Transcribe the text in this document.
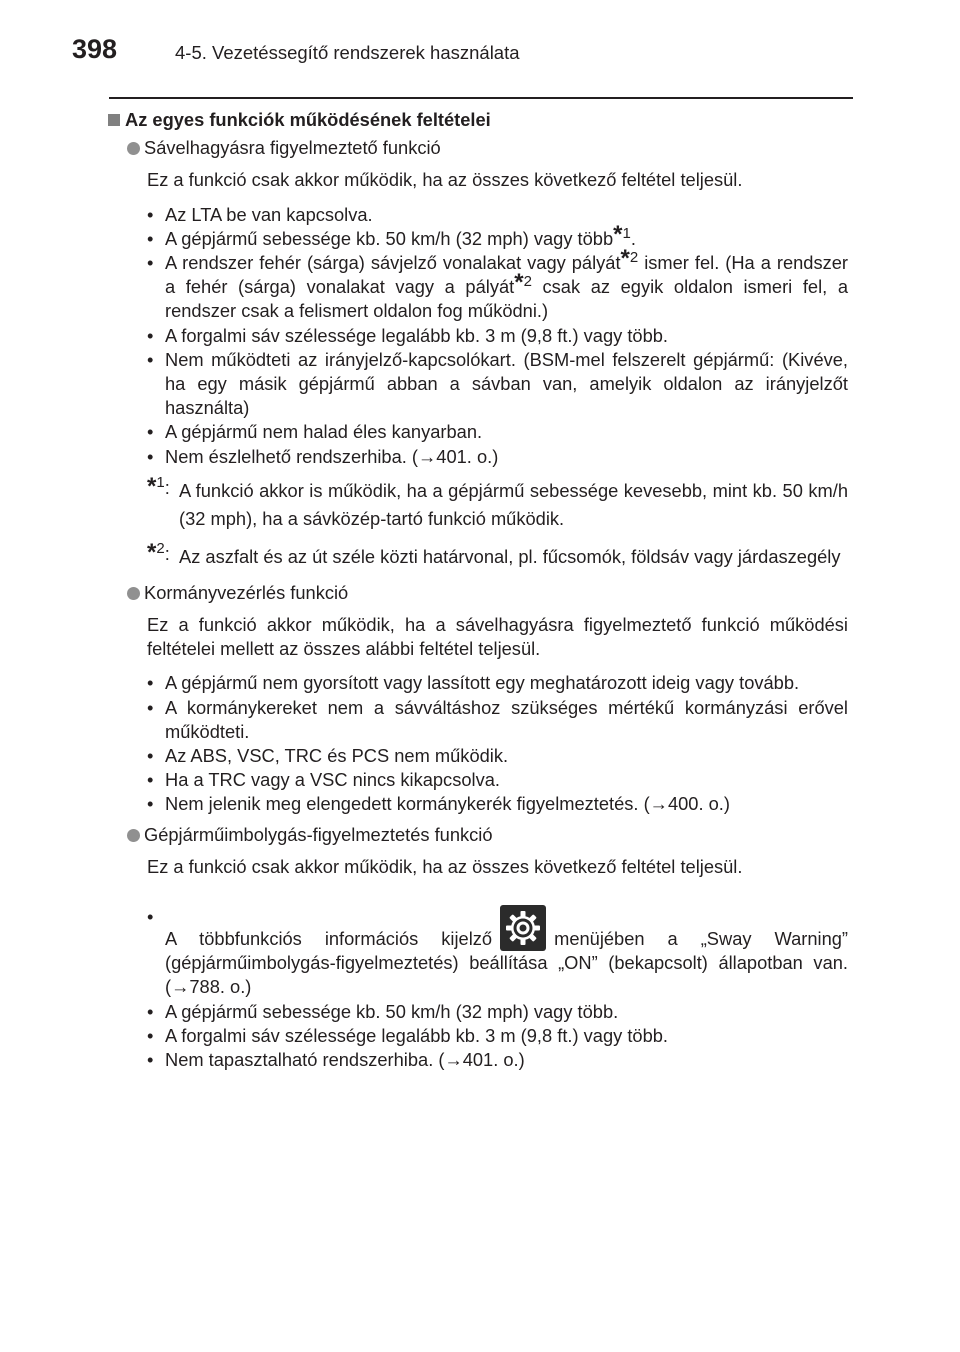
398	4-5. Vezetéssegítő rendszerek használata
Az egyes funkciók működésének feltételei
Sávelhagyásra figyelmeztető funkció
Ez a funkció csak akkor működik, ha az összes következő feltétel teljesül.
• Az LTA be van kapcsolva.
• A gépjármű sebessége kb. 50 km/h (32 mph) vagy több$^{*1}$.
• A rendszer fehér (sárga) sávjelző vonalakat vagy pályát$^{*2}$ ismer fel. (Ha a rendszer a fehér (sárga) vonalakat vagy a pályát$^{*2}$ csak az egyik oldalon ismeri fel, a rendszer csak a felismert oldalon fog működni.)
• A forgalmi sáv szélessége legalább kb. 3 m (9,8 ft.) vagy több.
• Nem működteti az irányjelző-kapcsolókart. (BSM-mel felszerelt gépjármű: (Kivéve, ha egy másik gépjármű abban a sávban van, amelyik oldalon az irányjelzőt használta)
• A gépjármű nem halad éles kanyarban.
• Nem észlelhető rendszerhiba. (→401. o.)
*$^1$: A funkció akkor is működik, ha a gépjármű sebessége kevesebb, mint kb. 50 km/h (32 mph), ha a sávközép-tartó funkció működik.
*$^2$: Az aszfalt és az út széle közti határvonal, pl. fűcsomók, földsáv vagy járdaszegély
Kormányvezérlés funkció
Ez a funkció akkor működik, ha a sávelhagyásra figyelmeztető funkció működési feltételei mellett az összes alábbi feltétel teljesül.
• A gépjármű nem gyorsított vagy lassított egy meghatározott ideig vagy tovább.
• A kormánykereket nem a sávváltáshoz szükséges mértékű kormányzási erővel működteti.
• Az ABS, VSC, TRC és PCS nem működik.
• Ha a TRC vagy a VSC nincs kikapcsolva.
• Nem jelenik meg elengedett kormánykerék figyelmeztetés. (→400. o.)
Gépjárműimbolygás-figyelmeztetés funkció
Ez a funkció csak akkor működik, ha az összes következő feltétel teljesül.
•
A többfunkciós információs kijelző	menüjében a „Sway Warning” (gépjárműimbolygás-figyelmeztetés) beállítása „ON” (bekapcsolt) állapotban van. (→788. o.)
• A gépjármű sebessége kb. 50 km/h (32 mph) vagy több.
• A forgalmi sáv szélessége legalább kb. 3 m (9,8 ft.) vagy több.
• Nem tapasztalható rendszerhiba. (→401. o.)
